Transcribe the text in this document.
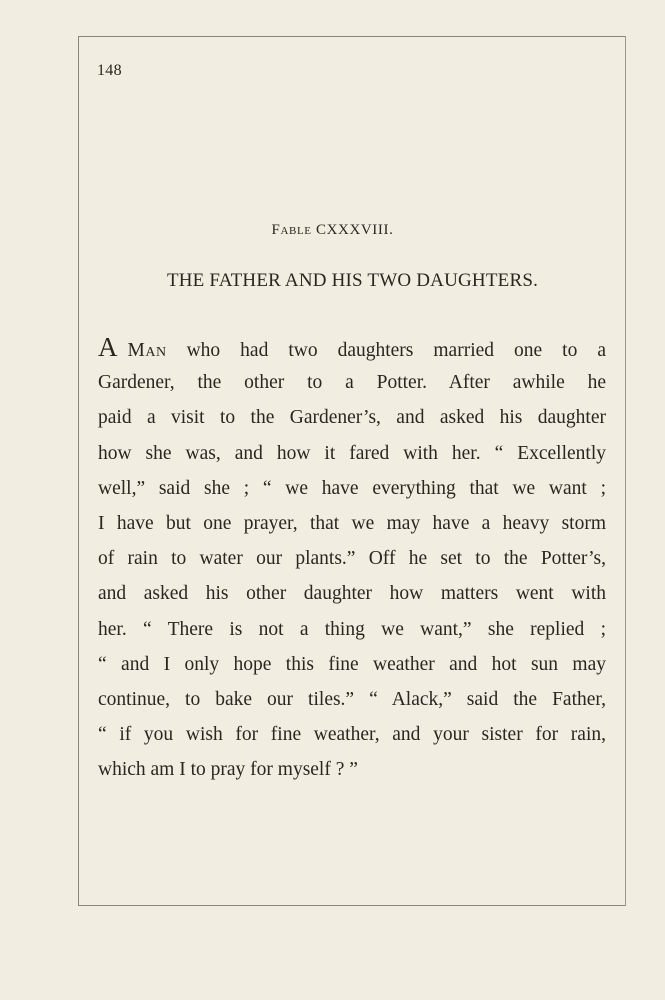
148
Fable CXXXVIII.
THE FATHER AND HIS TWO DAUGHTERS.
A Man who had two daughters married one to a
Gardener, the other to a Potter. After awhile he
paid a visit to the Gardener’s, and asked his daughter
how she was, and how it fared with her. “ Excellently
well,” said she ; “ we have everything that we want ;
I have but one prayer, that we may have a heavy storm
of rain to water our plants.” Off he set to the Potter’s,
and asked his other daughter how matters went with
her. “ There is not a thing we want,” she replied ;
“ and I only hope this fine weather and hot sun may
continue, to bake our tiles.” “ Alack,” said the Father,
“ if you wish for fine weather, and your sister for rain,
which am I to pray for myself ? ”
